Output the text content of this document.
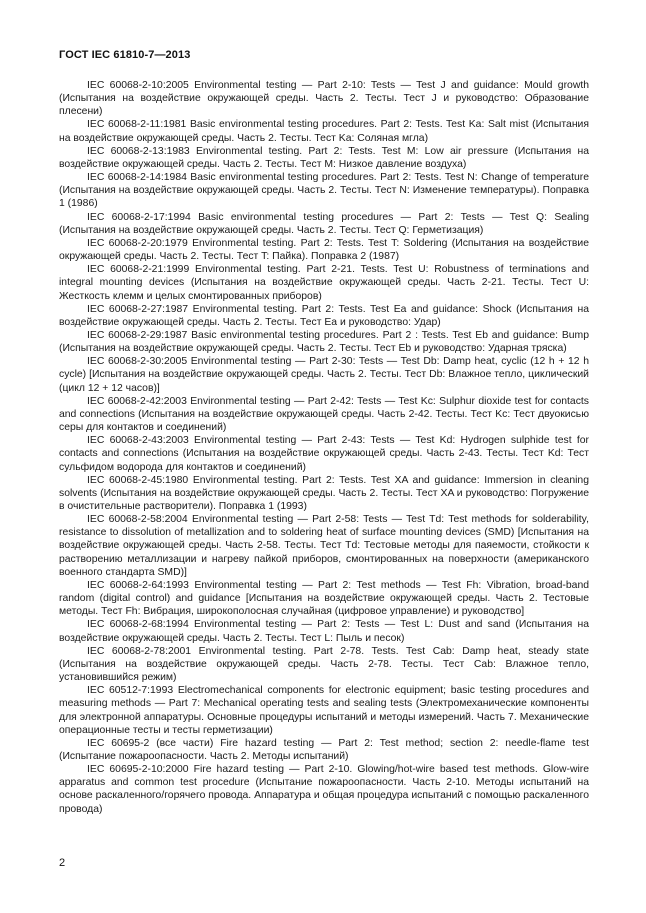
ГОСТ IEC 61810-7—2013

IEC 60068-2-10:2005 Environmental testing — Part 2-10: Tests — Test J and guidance: Mould growth (Испытания на воздействие окружающей среды. Часть 2. Тесты. Тест J и руководство: Образование плесени)

IEC 60068-2-11:1981 Basic environmental testing procedures. Part 2: Tests. Test Ka: Salt mist (Испытания на воздействие окружающей среды. Часть 2. Тесты. Тест Ka: Соляная мгла)

IEC 60068-2-13:1983 Environmental testing. Part 2: Tests. Test M: Low air pressure (Испытания на воздействие окружающей среды. Часть 2. Тесты. Тест M: Низкое давление воздуха)

IEC 60068-2-14:1984 Basic environmental testing procedures. Part 2: Tests. Test N: Change of temperature (Испытания на воздействие окружающей среды. Часть 2. Тесты. Тест N: Изменение температуры). Поправка 1 (1986)

IEC 60068-2-17:1994 Basic environmental testing procedures — Part 2: Tests — Test Q: Sealing (Испытания на воздействие окружающей среды. Часть 2. Тесты. Тест Q: Герметизация)

IEC 60068-2-20:1979 Environmental testing. Part 2: Tests. Test T: Soldering (Испытания на воздействие окружающей среды. Часть 2. Тесты. Тест T: Пайка). Поправка 2 (1987)

IEC 60068-2-21:1999 Environmental testing. Part 2-21. Tests. Test U: Robustness of terminations and integral mounting devices (Испытания на воздействие окружающей среды. Часть 2-21. Тесты. Тест U: Жесткость клемм и целых смонтированных приборов)

IEC 60068-2-27:1987 Environmental testing. Part 2: Tests. Test Ea and guidance: Shock (Испытания на воздействие окружающей среды. Часть 2. Тесты. Тест Ea и руководство: Удар)

IEC 60068-2-29:1987 Basic environmental testing procedures. Part 2 : Tests. Test Eb and guidance: Bump (Испытания на воздействие окружающей среды. Часть 2. Тесты. Тест Eb и руководство: Ударная тряска)

IEC 60068-2-30:2005 Environmental testing — Part 2-30: Tests — Test Db: Damp heat, cyclic (12 h + 12 h cycle) [Испытания на воздействие окружающей среды. Часть 2. Тесты. Тест Db: Влажное тепло, циклический (цикл 12 + 12 часов)]

IEC 60068-2-42:2003 Environmental testing — Part 2-42: Tests — Test Kc: Sulphur dioxide test for contacts and connections (Испытания на воздействие окружающей среды. Часть 2-42. Тесты. Тест Kc: Тест двуокисью серы для контактов и соединений)

IEC 60068-2-43:2003 Environmental testing — Part 2-43: Tests — Test Kd: Hydrogen sulphide test for contacts and connections (Испытания на воздействие окружающей среды. Часть 2-43. Тесты. Тест Kd: Тест сульфидом водорода для контактов и соединений)

IEC 60068-2-45:1980 Environmental testing. Part 2: Tests. Test XA and guidance: Immersion in cleaning solvents (Испытания на воздействие окружающей среды. Часть 2. Тесты. Тест XA и руководство: Погружение в очистительные растворители). Поправка 1 (1993)

IEC 60068-2-58:2004 Environmental testing — Part 2-58: Tests — Test Td: Test methods for solderability, resistance to dissolution of metallization and to soldering heat of surface mounting devices (SMD) [Испытания на воздействие окружающей среды. Часть 2-58. Тесты. Тест Td: Тестовые методы для паяемости, стойкости к растворению металлизации и нагреву пайкой приборов, смонтированных на поверхности (американского военного стандарта SMD)]

IEC 60068-2-64:1993 Environmental testing — Part 2: Test methods — Test Fh: Vibration, broad-band random (digital control) and guidance [Испытания на воздействие окружающей среды. Часть 2. Тестовые методы. Тест Fh: Вибрация, широкополосная случайная (цифровое управление) и руководство]

IEC 60068-2-68:1994 Environmental testing — Part 2: Tests — Test L: Dust and sand (Испытания на воздействие окружающей среды. Часть 2. Тесты. Тест L: Пыль и песок)

IEC 60068-2-78:2001 Environmental testing. Part 2-78. Tests. Test Cab: Damp heat, steady state (Испытания на воздействие окружающей среды. Часть 2-78. Тесты. Тест Cab: Влажное тепло, установившийся режим)

IEC 60512-7:1993 Electromechanical components for electronic equipment; basic testing procedures and measuring methods — Part 7: Mechanical operating tests and sealing tests (Электромеханические компоненты для электронной аппаратуры. Основные процедуры испытаний и методы измерений. Часть 7. Механические операционные тесты и тесты герметизации)

IEC 60695-2 (все части) Fire hazard testing — Part 2: Test method; section 2: needle-flame test (Испытание пожароопасности. Часть 2. Методы испытаний)

IEC 60695-2-10:2000 Fire hazard testing — Part 2-10. Glowing/hot-wire based test methods. Glow-wire apparatus and common test procedure (Испытание пожароопасности. Часть 2-10. Методы испытаний на основе раскаленного/горячего провода. Аппаратура и общая процедура испытаний с помощью раскаленного провода)

2
